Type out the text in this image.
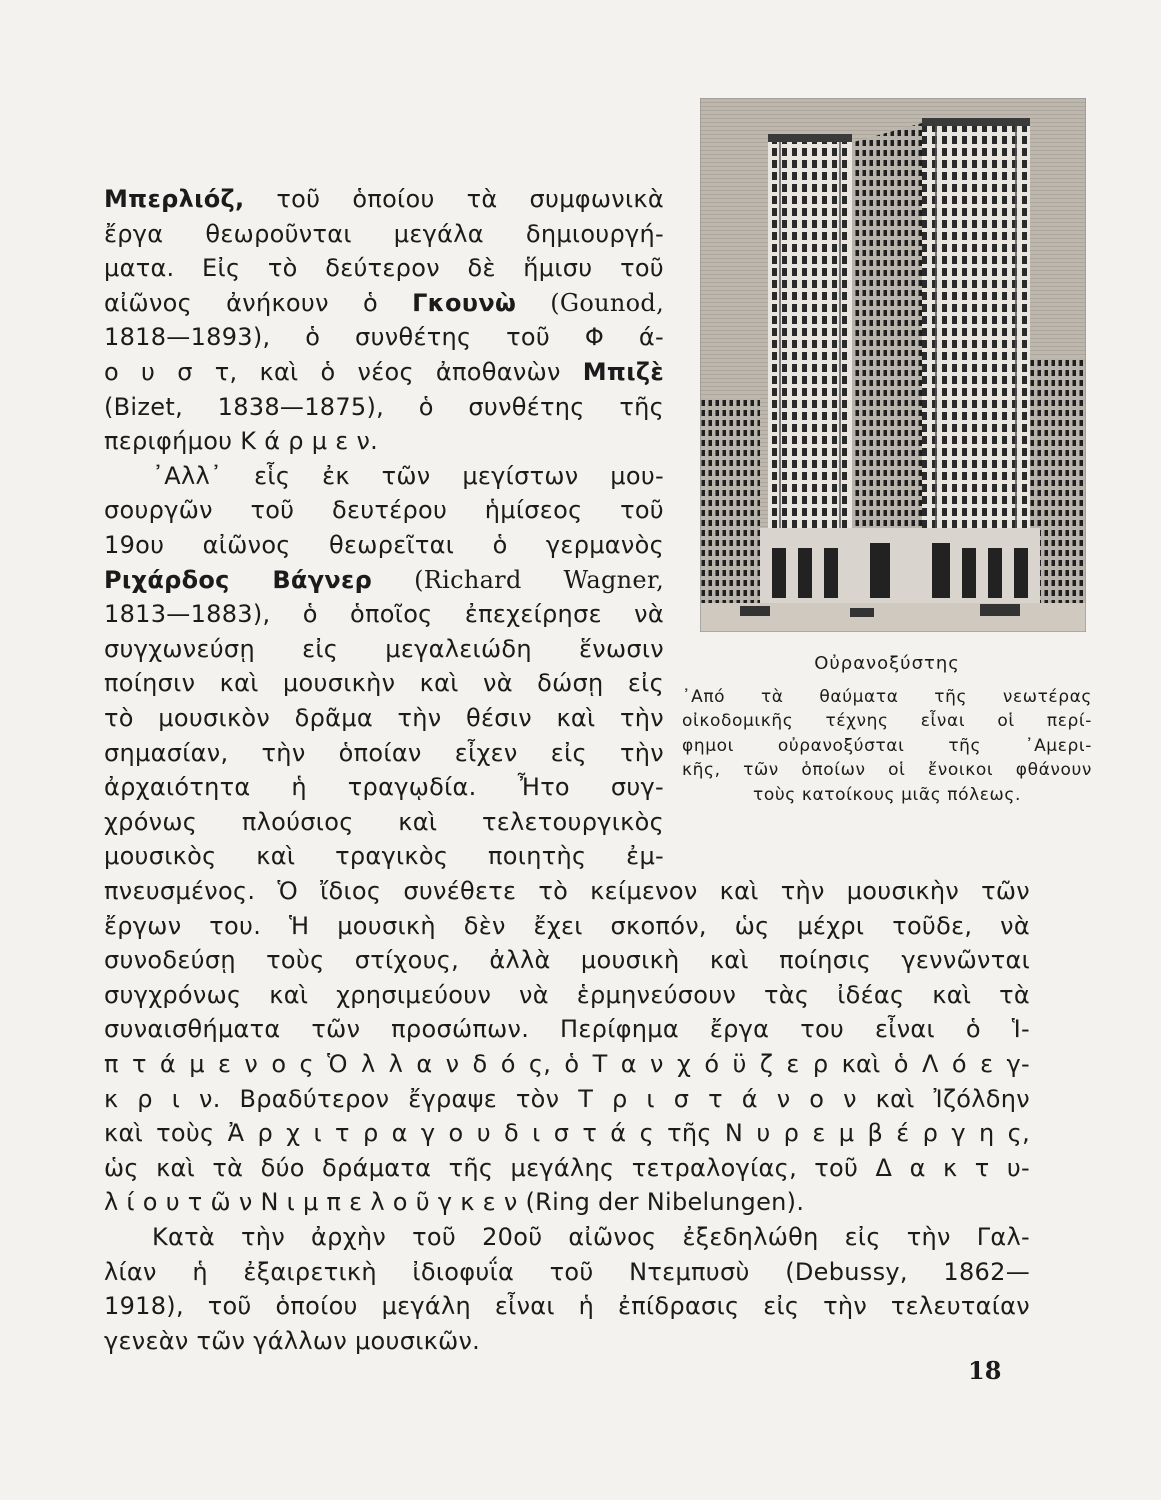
Μπερλιόζ, τοῦ ὁποίου τὰ συμφωνικὰ
ἔργα θεωροῦνται μεγάλα δημιουργή-
ματα. Εἰς τὸ δεύτερον δὲ ἥμισυ τοῦ
αἰῶνος ἀνήκουν ὁ Γκουνὼ (Gounod,
1818—1893), ὁ συνθέτης τοῦ Φ ά-
ο υ σ τ, καὶ ὁ νέος ἀποθανὼν Μπιζὲ
(Bizet, 1838—1875), ὁ συνθέτης τῆς
περιφήμου Κ ά ρ μ ε ν.
᾿Αλλ᾿ εἷς ἐκ τῶν μεγίστων μου-
σουργῶν τοῦ δευτέρου ἡμίσεος τοῦ
19ου αἰῶνος θεωρεῖται ὁ γερμανὸς
Ριχάρδος Βάγνερ (Richard Wagner,
1813—1883), ὁ ὁποῖος ἐπεχείρησε νὰ
συγχωνεύσῃ εἰς μεγαλειώδη ἕνωσιν
ποίησιν καὶ μουσικὴν καὶ νὰ δώσῃ εἰς
τὸ μουσικὸν δρᾶμα τὴν θέσιν καὶ τὴν
σημασίαν, τὴν ὁποίαν εἶχεν εἰς τὴν
ἀρχαιότητα ἡ τραγῳδία. Ἦτο συγ-
χρόνως πλούσιος καὶ τελετουργικὸς
μουσικὸς καὶ τραγικὸς ποιητὴς ἐμ-
Οὐρανοξύστης
᾿Από τὰ θαύματα τῆς νεωτέρας
οἰκοδομικῆς τέχνης εἶναι οἱ περί-
φημοι οὐρανοξύσται τῆς ᾿Αμερι-
κῆς, τῶν ὁποίων οἱ ἔνοικοι φθάνουν
τοὺς κατοίκους μιᾶς πόλεως.
πνευσμένος. Ὁ ἴδιος συνέθετε τὸ κείμενον καὶ τὴν μουσικὴν τῶν
ἔργων του. Ἡ μουσικὴ δὲν ἔχει σκοπόν, ὡς μέχρι τοῦδε, νὰ
συνοδεύσῃ τοὺς στίχους, ἀλλὰ μουσικὴ καὶ ποίησις γεννῶνται
συγχρόνως καὶ χρησιμεύουν νὰ ἑρμηνεύσουν τὰς ἰδέας καὶ τὰ
συναισθήματα τῶν προσώπων. Περίφημα ἔργα του εἶναι ὁ Ἱ-
π τ ά μ ε ν ο ς Ὁ λ λ α ν δ ό ς, ὁ Τ α ν χ ό ϋ ζ ε ρ καὶ ὁ Λ ό ε γ-
κ ρ ι ν. Βραδύτερον ἔγραψε τὸν Τ ρ ι σ τ ά ν ο ν καὶ Ἰζόλδην
καὶ τοὺς Ἀ ρ χ ι τ ρ α γ ο υ δ ι σ τ ά ς τῆς Ν υ ρ ε μ β έ ρ γ η ς,
ὡς καὶ τὰ δύο δράματα τῆς μεγάλης τετραλογίας, τοῦ Δ α κ τ υ-
λ ί ο υ τ ῶ ν Ν ι μ π ε λ ο ῦ γ κ ε ν (Ring der Nibelungen).
Κατὰ τὴν ἀρχὴν τοῦ 20οῦ αἰῶνος ἐξεδηλώθη εἰς τὴν Γαλ-
λίαν ἡ ἐξαιρετικὴ ἰδιοφυΐα τοῦ Ντεμπυσὺ (Debussy, 1862—
1918), τοῦ ὁποίου μεγάλη εἶναι ἡ ἐπίδρασις εἰς τὴν τελευταίαν
γενεὰν τῶν γάλλων μουσικῶν.
18
